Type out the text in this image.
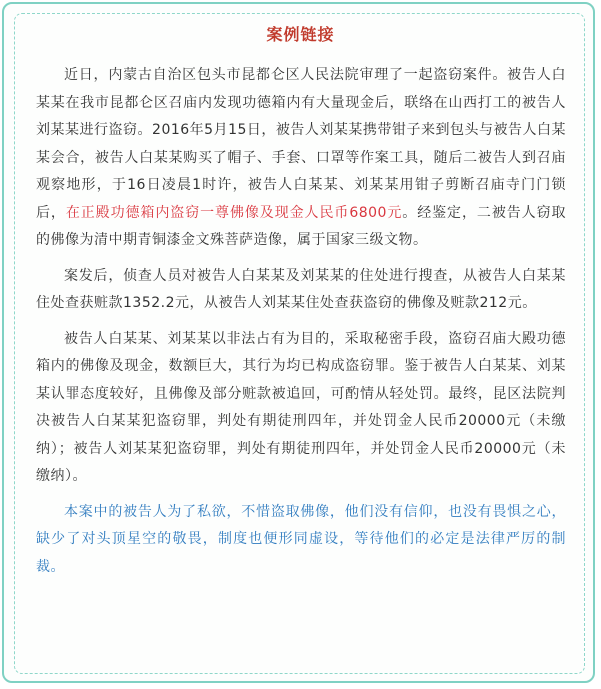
案例链接

近日，内蒙古自治区包头市昆都仑区人民法院审理了一起盗窃案件。被告人白某某在我市昆都仑区召庙内发现功德箱内有大量现金后，联络在山西打工的被告人刘某某进行盗窃。2016年5月15日，被告人刘某某携带钳子来到包头与被告人白某某会合，被告人白某某购买了帽子、手套、口罩等作案工具，随后二被告人到召庙观察地形，于16日凌晨1时许，被告人白某某、刘某某用钳子剪断召庙寺门门锁后，在正殿功德箱内盗窃一尊佛像及现金人民币6800元。经鉴定，二被告人窃取的佛像为清中期青铜漆金文殊菩萨造像，属于国家三级文物。

案发后，侦查人员对被告人白某某及刘某某的住处进行搜查，从被告人白某某住处查获赃款1352.2元，从被告人刘某某住处查获盗窃的佛像及赃款212元。

被告人白某某、刘某某以非法占有为目的，采取秘密手段，盗窃召庙大殿功德箱内的佛像及现金，数额巨大，其行为均已构成盗窃罪。鉴于被告人白某某、刘某某认罪态度较好，且佛像及部分赃款被追回，可酌情从轻处罚。最终，昆区法院判决被告人白某某犯盗窃罪，判处有期徒刑四年，并处罚金人民币20000元（未缴纳）；被告人刘某某犯盗窃罪，判处有期徒刑四年，并处罚金人民币20000元（未缴纳）。

本案中的被告人为了私欲，不惜盗取佛像，他们没有信仰，也没有畏惧之心，缺少了对头顶星空的敬畏，制度也便形同虚设，等待他们的必定是法律严厉的制裁。
